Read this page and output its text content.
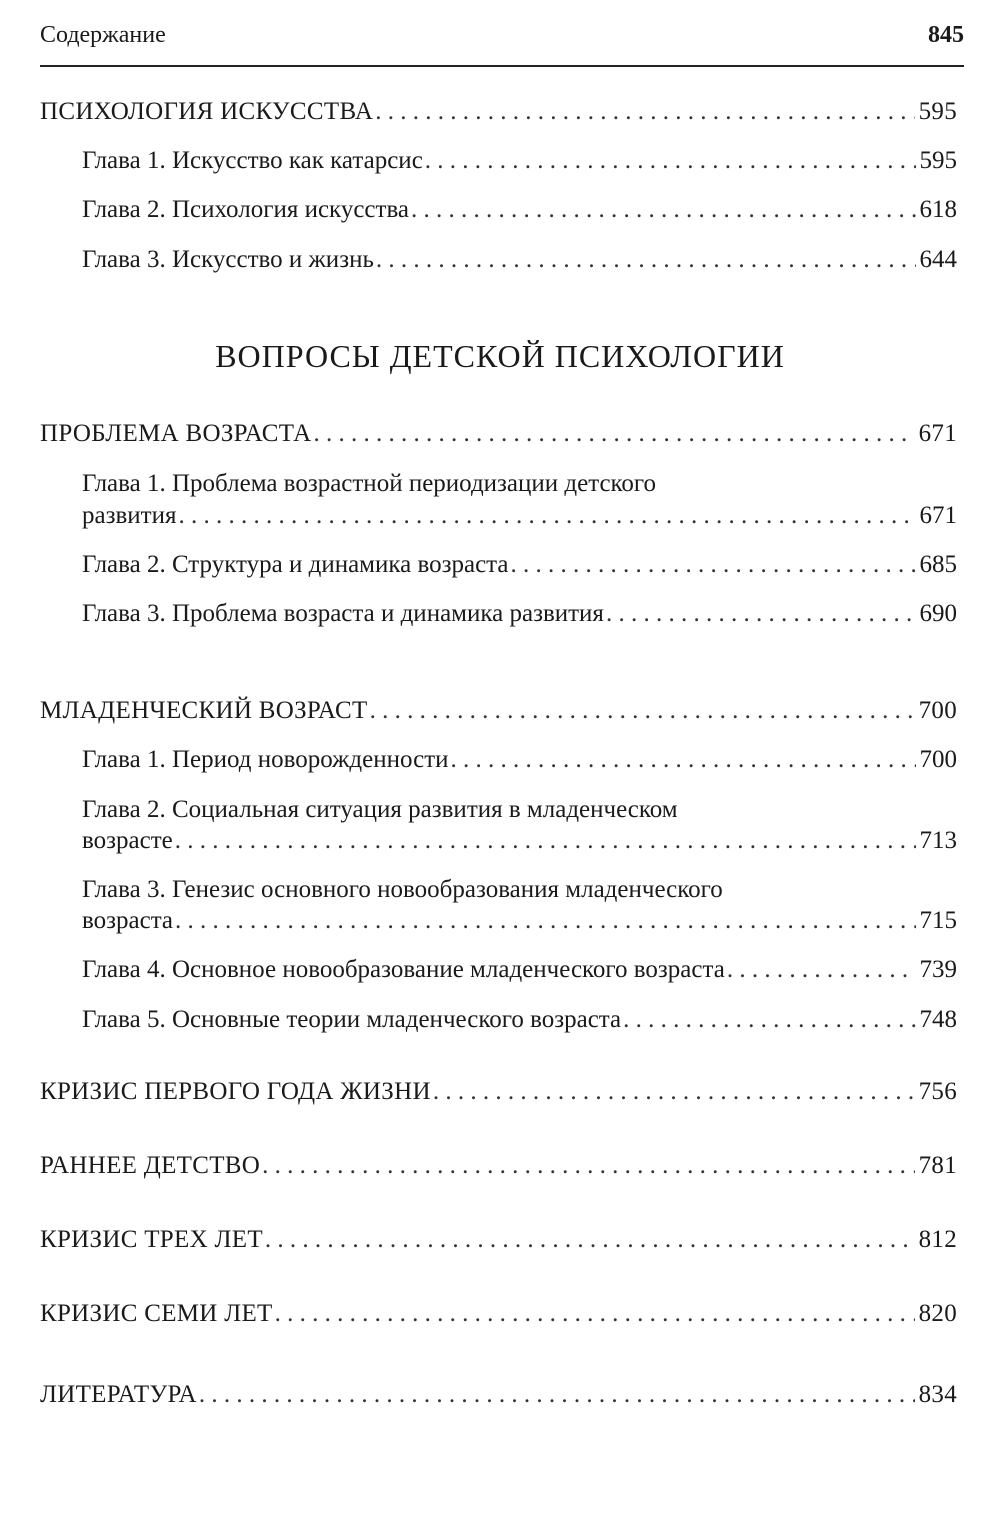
Содержание	845
ПСИХОЛОГИЯ ИСКУССТВА . . .	595
Глава 1. Искусство как катарсис . . .	595
Глава 2. Психология искусства . . .	618
Глава 3. Искусство и жизнь . . .	644
ВОПРОСЫ ДЕТСКОЙ ПСИХОЛОГИИ
ПРОБЛЕМА ВОЗРАСТА . . .	671
Глава 1. Проблема возрастной периодизации детского
развития . . .	671
Глава 2. Структура и динамика возраста . . .	685
Глава 3. Проблема возраста и динамика развития . . .	690
МЛАДЕНЧЕСКИЙ ВОЗРАСТ . . .	700
Глава 1. Период новорожденности . . .	700
Глава 2. Социальная ситуация развития в младенческом
возрасте . . .	713
Глава 3. Генезис основного новообразования младенческого
возраста . . .	715
Глава 4. Основное новообразование младенческого возраста . . .	739
Глава 5. Основные теории младенческого возраста . . .	748
КРИЗИС ПЕРВОГО ГОДА ЖИЗНИ . . .	756
РАННЕЕ ДЕТСТВО . . .	781
КРИЗИС ТРЕХ ЛЕТ . . .	812
КРИЗИС СЕМИ ЛЕТ . . .	820
ЛИТЕРАТУРА . . .	834
